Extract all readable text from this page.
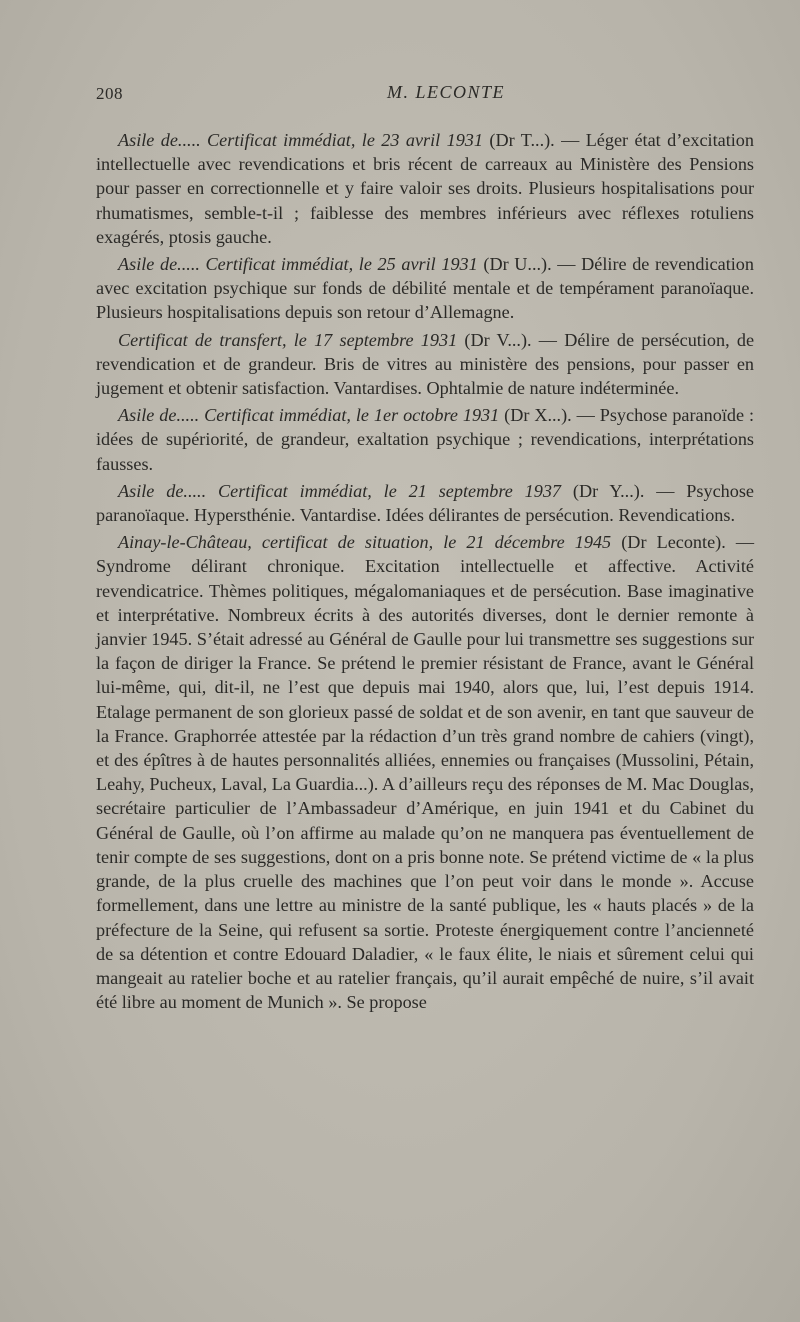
208	M. LECONTE

Asile de..... Certificat immédiat, le 23 avril 1931 (Dr T...). — Léger état d’excitation intellectuelle avec revendications et bris récent de carreaux au Ministère des Pensions pour passer en correctionnelle et y faire valoir ses droits. Plusieurs hospitalisations pour rhumatismes, semble-t-il ; faiblesse des membres inférieurs avec réflexes rotuliens exagérés, ptosis gauche.

Asile de..... Certificat immédiat, le 25 avril 1931 (Dr U...). — Délire de revendication avec excitation psychique sur fonds de débilité mentale et de tempérament paranoïaque. Plusieurs hospitalisations depuis son retour d’Allemagne.

Certificat de transfert, le 17 septembre 1931 (Dr V...). — Délire de persécution, de revendication et de grandeur. Bris de vitres au ministère des pensions, pour passer en jugement et obtenir satisfaction. Vantardises. Ophtalmie de nature indéterminée.

Asile de..... Certificat immédiat, le 1er octobre 1931 (Dr X...). — Psychose paranoïde : idées de supériorité, de grandeur, exaltation psychique ; revendications, interprétations fausses.

Asile de..... Certificat immédiat, le 21 septembre 1937 (Dr Y...). — Psychose paranoïaque. Hypersthénie. Vantardise. Idées délirantes de persécution. Revendications.

Ainay-le-Château, certificat de situation, le 21 décembre 1945 (Dr Leconte). — Syndrome délirant chronique. Excitation intellectuelle et affective. Activité revendicatrice. Thèmes politiques, mégalomaniaques et de persécution. Base imaginative et interprétative. Nombreux écrits à des autorités diverses, dont le dernier remonte à janvier 1945. S’était adressé au Général de Gaulle pour lui transmettre ses suggestions sur la façon de diriger la France. Se prétend le premier résistant de France, avant le Général lui-même, qui, dit-il, ne l’est que depuis mai 1940, alors que, lui, l’est depuis 1914. Etalage permanent de son glorieux passé de soldat et de son avenir, en tant que sauveur de la France. Graphorrée attestée par la rédaction d’un très grand nombre de cahiers (vingt), et des épîtres à de hautes personnalités alliées, ennemies ou françaises (Mussolini, Pétain, Leahy, Pucheux, Laval, La Guardia...). A d’ailleurs reçu des réponses de M. Mac Douglas, secrétaire particulier de l’Ambassadeur d’Amérique, en juin 1941 et du Cabinet du Général de Gaulle, où l’on affirme au malade qu’on ne manquera pas éventuellement de tenir compte de ses suggestions, dont on a pris bonne note. Se prétend victime de « la plus grande, de la plus cruelle des machines que l’on peut voir dans le monde ». Accuse formellement, dans une lettre au ministre de la santé publique, les « hauts placés » de la préfecture de la Seine, qui refusent sa sortie. Proteste énergiquement contre l’ancienneté de sa détention et contre Edouard Daladier, « le faux élite, le niais et sûrement celui qui mangeait au ratelier boche et au ratelier français, qu’il aurait empêché de nuire, s’il avait été libre au moment de Munich ». Se propose
